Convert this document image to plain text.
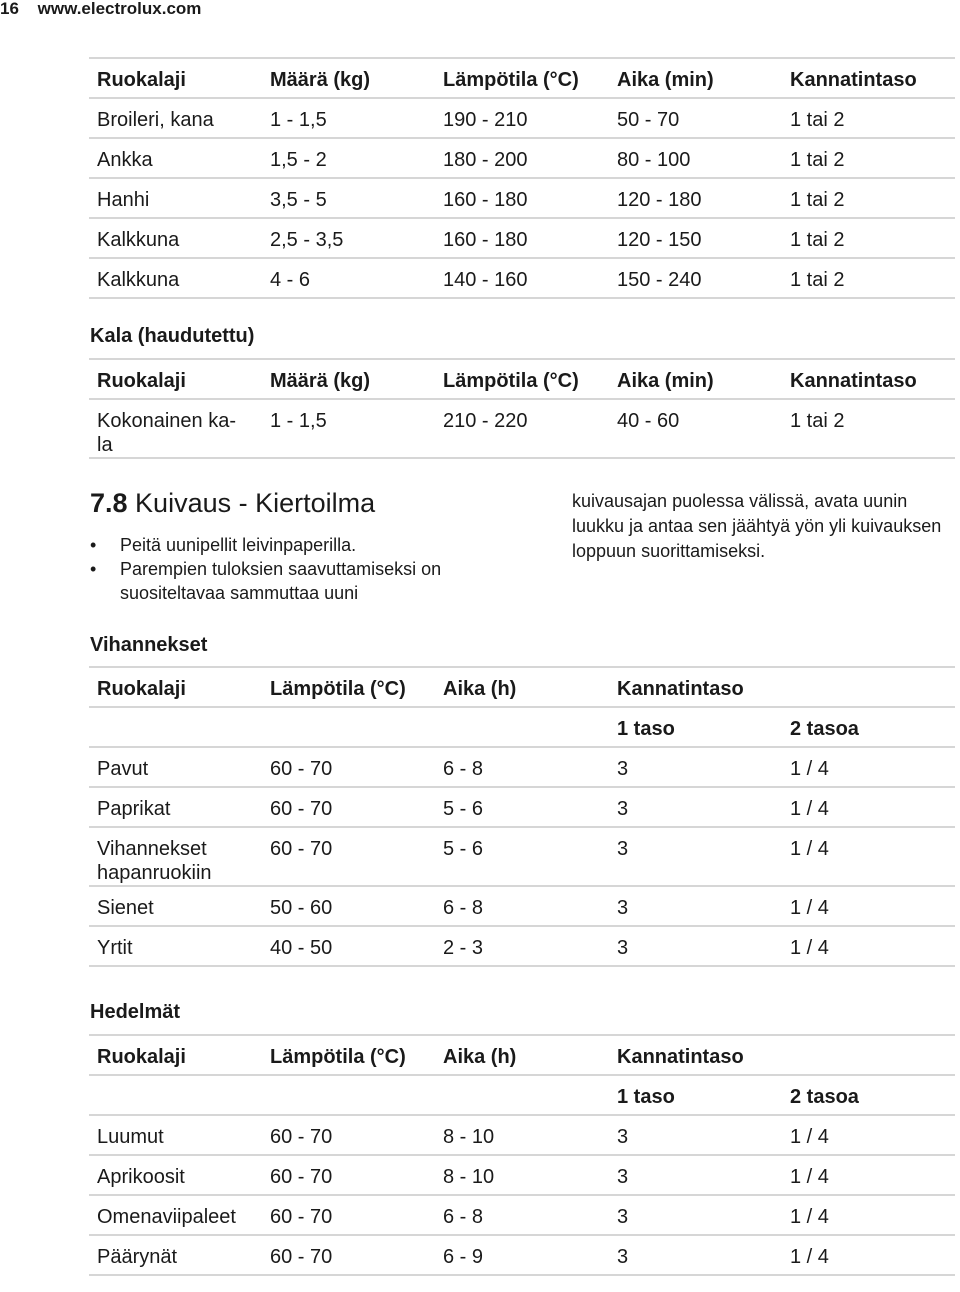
16 www.electrolux.com
Ruokalaji	Määrä (kg)	Lämpötila (°C)	Aika (min)	Kannatintaso
Broileri, kana	1 - 1,5	190 - 210	50 - 70	1 tai 2
Ankka	1,5 - 2	180 - 200	80 - 100	1 tai 2
Hanhi	3,5 - 5	160 - 180	120 - 180	1 tai 2
Kalkkuna	2,5 - 3,5	160 - 180	120 - 150	1 tai 2
Kalkkuna	4 - 6	140 - 160	150 - 240	1 tai 2
Kala (haudutettu)
Ruokalaji	Määrä (kg)	Lämpötila (°C)	Aika (min)	Kannatintaso
Kokonainen ka-
la	1 - 1,5	210 - 220	40 - 60	1 tai 2
7.8 Kuivaus - Kiertoilma
• Peitä uunipellit leivinpaperilla.
• Parempien tuloksien saavuttamiseksi on suositeltavaa sammuttaa uuni
kuivausajan puolessa välissä, avata uunin luukku ja antaa sen jäähtyä yön yli kuivauksen loppuun suorittamiseksi.
Vihannekset
Ruokalaji	Lämpötila (°C)	Aika (h)	Kannatintaso	
			1 taso	2 tasoa
Pavut	60 - 70	6 - 8	3	1 / 4
Paprikat	60 - 70	5 - 6	3	1 / 4
Vihannekset
hapanruokiin	60 - 70	5 - 6	3	1 / 4
Sienet	50 - 60	6 - 8	3	1 / 4
Yrtit	40 - 50	2 - 3	3	1 / 4
Hedelmät
Ruokalaji	Lämpötila (°C)	Aika (h)	Kannatintaso	
			1 taso	2 tasoa
Luumut	60 - 70	8 - 10	3	1 / 4
Aprikoosit	60 - 70	8 - 10	3	1 / 4
Omenaviipaleet	60 - 70	6 - 8	3	1 / 4
Päärynät	60 - 70	6 - 9	3	1 / 4
